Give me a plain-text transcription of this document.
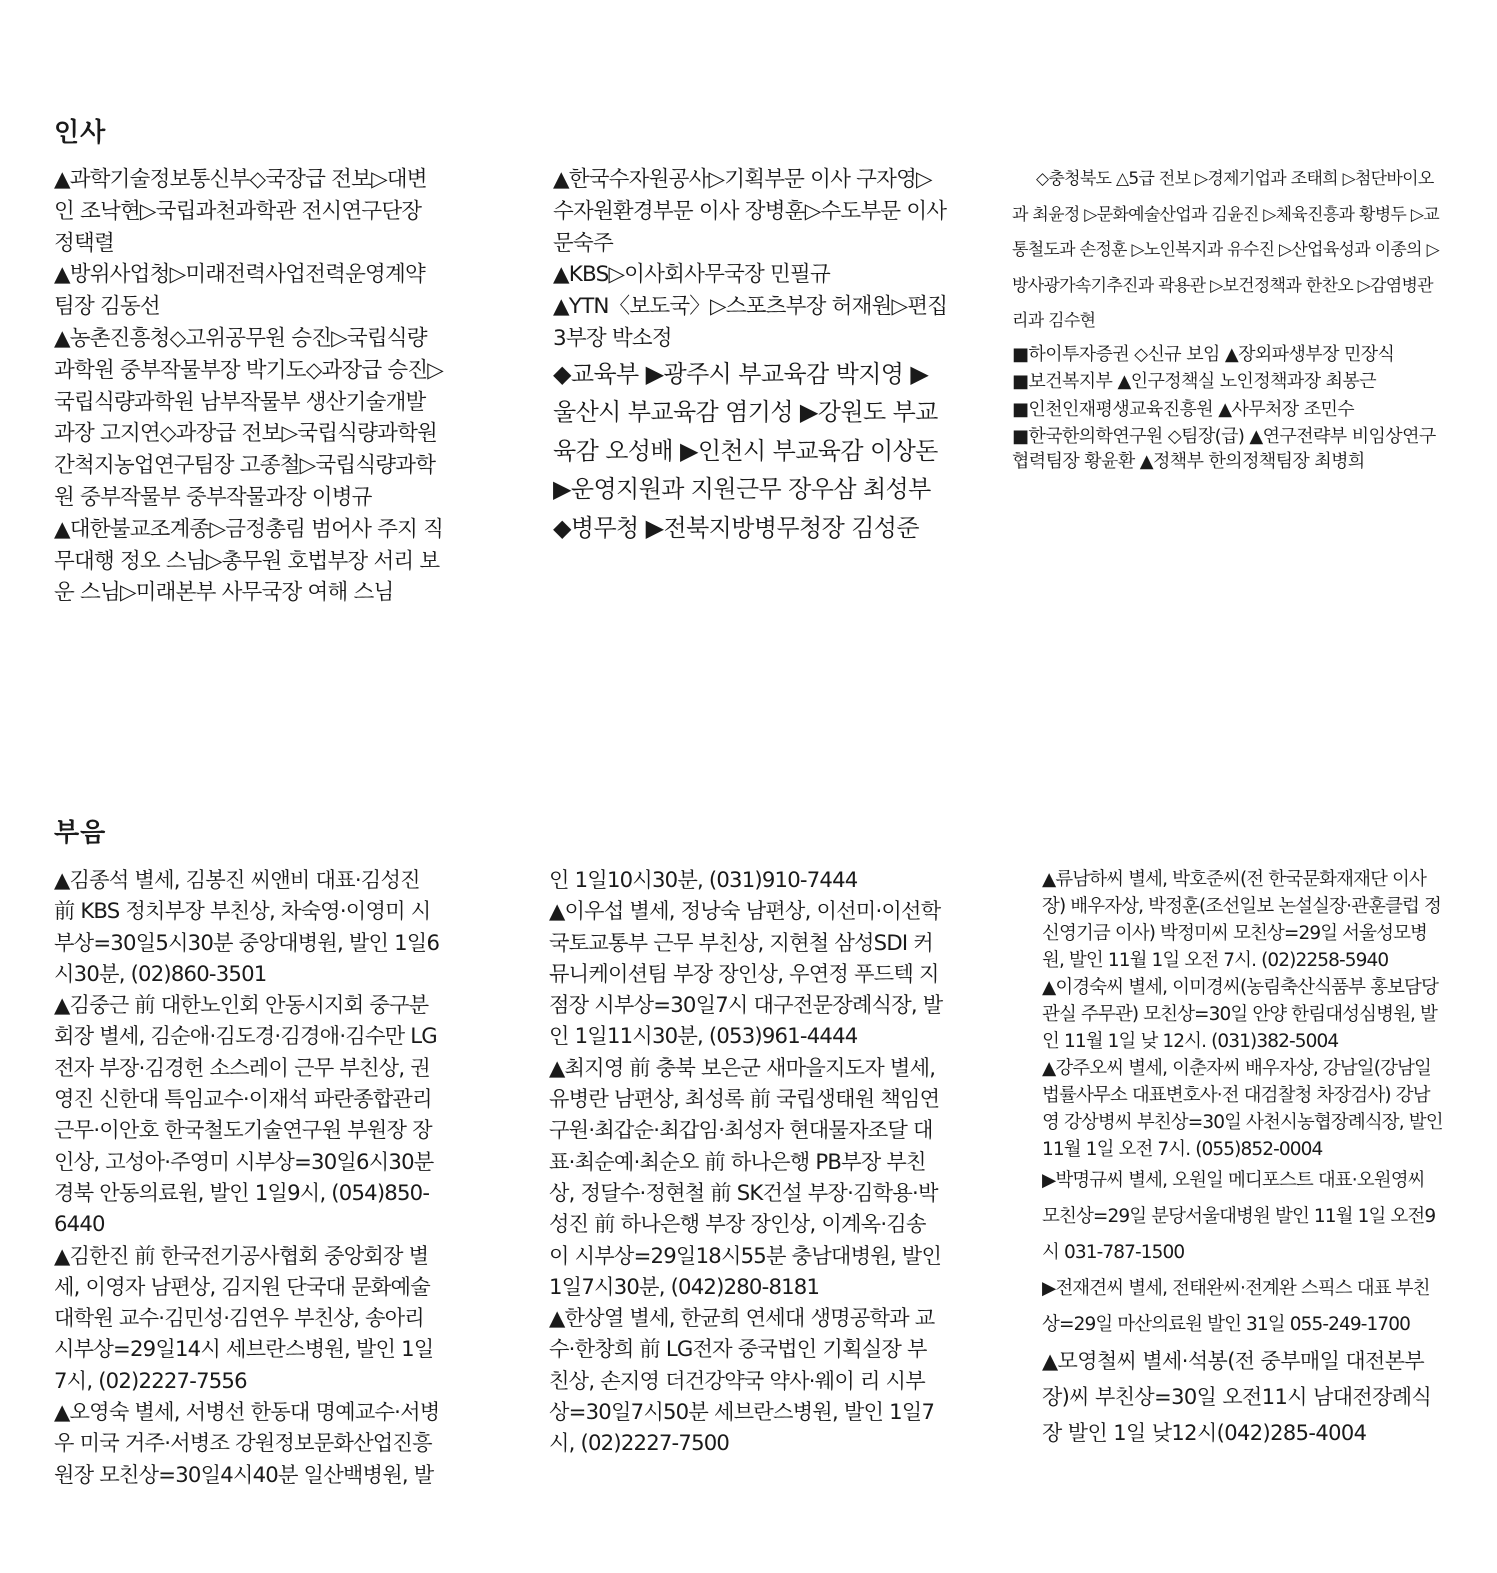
인사

▲과학기술정보통신부◇국장급 전보▷대변인 조낙현▷국립과천과학관 전시연구단장 정택렬

▲방위사업청▷미래전력사업전력운영계약팀장 김동선

▲농촌진흥청◇고위공무원 승진▷국립식량과학원 중부작물부장 박기도◇과장급 승진▷국립식량과학원 남부작물부 생산기술개발과장 고지연◇과장급 전보▷국립식량과학원 간척지농업연구팀장 고종철▷국립식량과학원 중부작물부 중부작물과장 이병규

▲대한불교조계종▷금정총림 범어사 주지 직무대행 정오 스님▷총무원 호법부장 서리 보운 스님▷미래본부 사무국장 여해 스님

▲한국수자원공사▷기획부문 이사 구자영▷수자원환경부문 이사 장병훈▷수도부문 이사 문숙주

▲KBS▷이사회사무국장 민필규

▲YTN〈보도국〉▷스포츠부장 허재원▷편집3부장 박소정

◆교육부 ▶광주시 부교육감 박지영 ▶울산시 부교육감 염기성 ▶강원도 부교육감 오성배 ▶인천시 부교육감 이상돈 ▶운영지원과 지원근무 장우삼 최성부

◆병무청 ▶전북지방병무청장 김성준

◇충청북도 △5급 전보 ▷경제기업과 조태희 ▷첨단바이오과 최윤정 ▷문화예술산업과 김윤진 ▷체육진흥과 황병두 ▷교통철도과 손정훈 ▷노인복지과 유수진 ▷산업육성과 이종의 ▷방사광가속기추진과 곽용관 ▷보건정책과 한찬오 ▷감염병관리과 김수현

■하이투자증권 ◇신규 보임 ▲장외파생부장 민장식

■보건복지부 ▲인구정책실 노인정책과장 최봉근

■인천인재평생교육진흥원 ▲사무처장 조민수

■한국한의학연구원 ◇팀장(급) ▲연구전략부 비임상연구협력팀장 황윤환 ▲정책부 한의정책팀장 최병희

부음

▲김종석 별세, 김봉진 씨앤비 대표·김성진 前 KBS 정치부장 부친상, 차숙영·이영미 시부상=30일5시30분 중앙대병원, 발인 1일6시30분, (02)860-3501

▲김중근 前 대한노인회 안동시지회 중구분회장 별세, 김순애·김도경·김경애·김수만 LG전자 부장·김경헌 소스레이 근무 부친상, 권영진 신한대 특임교수·이재석 파란종합관리 근무·이안호 한국철도기술연구원 부원장 장인상, 고성아·주영미 시부상=30일6시30분 경북 안동의료원, 발인 1일9시, (054)850-6440

▲김한진 前 한국전기공사협회 중앙회장 별세, 이영자 남편상, 김지원 단국대 문화예술대학원 교수·김민성·김연우 부친상, 송아리 시부상=29일14시 세브란스병원, 발인 1일7시, (02)2227-7556

▲오영숙 별세, 서병선 한동대 명예교수·서병우 미국 거주·서병조 강원정보문화산업진흥원장 모친상=30일4시40분 일산백병원, 발

인 1일10시30분, (031)910-7444

▲이우섭 별세, 정낭숙 남편상, 이선미·이선학 국토교통부 근무 부친상, 지현철 삼성SDI 커뮤니케이션팀 부장 장인상, 우연정 푸드텍 지점장 시부상=30일7시 대구전문장례식장, 발인 1일11시30분, (053)961-4444

▲최지영 前 충북 보은군 새마을지도자 별세, 유병란 남편상, 최성록 前 국립생태원 책임연구원·최갑순·최갑임·최성자 현대물자조달 대표·최순예·최순오 前 하나은행 PB부장 부친상, 정달수·정현철 前 SK건설 부장·김학용·박성진 前 하나은행 부장 장인상, 이계옥·김송이 시부상=29일18시55분 충남대병원, 발인 1일7시30분, (042)280-8181

▲한상열 별세, 한균희 연세대 생명공학과 교수·한창희 前 LG전자 중국법인 기획실장 부친상, 손지영 더건강약국 약사·웨이 리 시부상=30일7시50분 세브란스병원, 발인 1일7시, (02)2227-7500

▲류남하씨 별세, 박호준씨(전 한국문화재재단 이사장) 배우자상, 박정훈(조선일보 논설실장·관훈클럽 정신영기금 이사) 박정미씨 모친상=29일 서울성모병원, 발인 11월 1일 오전 7시. (02)2258-5940

▲이경숙씨 별세, 이미경씨(농림축산식품부 홍보담당관실 주무관) 모친상=30일 안양 한림대성심병원, 발인 11월 1일 낮 12시. (031)382-5004

▲강주오씨 별세, 이춘자씨 배우자상, 강남일(강남일 법률사무소 대표변호사·전 대검찰청 차장검사) 강남영 강상병씨 부친상=30일 사천시농협장례식장, 발인 11월 1일 오전 7시. (055)852-0004

▶박명규씨 별세, 오원일 메디포스트 대표·오원영씨 모친상=29일 분당서울대병원 발인 11월 1일 오전9시 031-787-1500

▶전재견씨 별세, 전태완씨·전계완 스픽스 대표 부친상=29일 마산의료원 발인 31일 055-249-1700

▲모영철씨 별세·석봉(전 중부매일 대전본부장)씨 부친상=30일 오전11시 남대전장례식장 발인 1일 낮12시(042)285-4004
